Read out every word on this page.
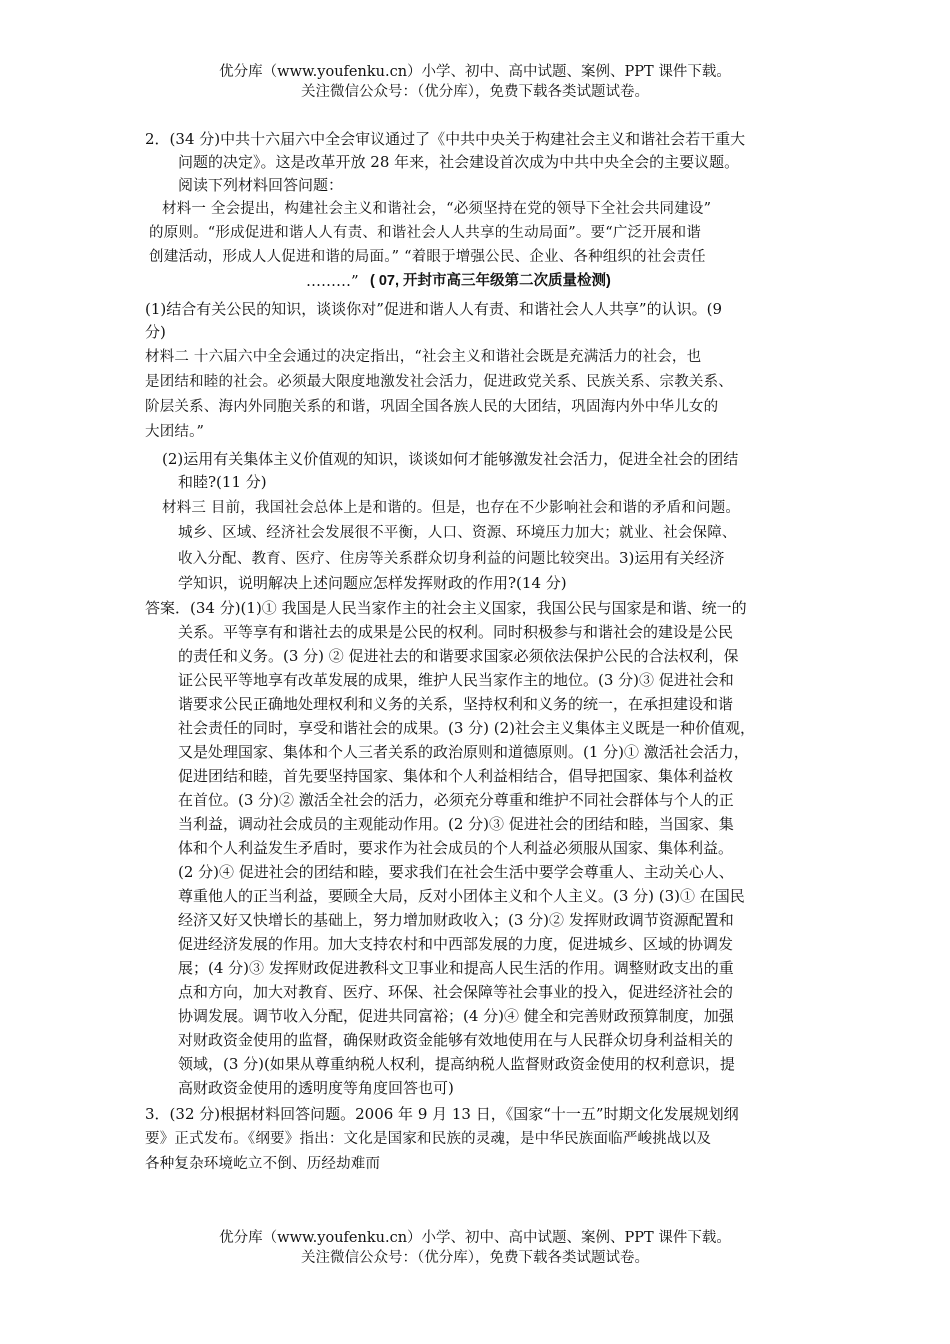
优分库（www.youfenku.cn）小学、初中、高中试题、案例、PPT 课件下载。
关注微信公众号：（优分库），免费下载各类试题试卷。
2．(34 分)中共十六届六中全会审议通过了《中共中央关于构建社会主义和谐社会若干重大
问题的决定》。这是改革开放 28 年来，社会建设首次成为中共中央全会的主要议题。
阅读下列材料回答问题：
材料一 全会提出，构建社会主义和谐社会，“必须坚持在党的领导下全社会共同建设”
的原则。“形成促进和谐人人有责、和谐社会人人共享的生动局面”。要“广泛开展和谐
创建活动，形成人人促进和谐的局面。” “着眼于增强公民、企业、各种组织的社会责任
………” ( 07, 开封市高三年级第二次质量检测)
(1)结合有关公民的知识，谈谈你对”促进和谐人人有责、和谐社会人人共享”的认识。(9
分)
材料二 十六届六中全会通过的决定指出，“社会主义和谐社会既是充满活力的社会，也
是团结和睦的社会。必须最大限度地激发社会活力，促进政党关系、民族关系、宗教关系、
阶层关系、海内外同胞关系的和谐，巩固全国各族人民的大团结，巩固海内外中华儿女的
大团结。”
(2)运用有关集体主义价值观的知识，谈谈如何才能够激发社会活力，促进全社会的团结
和睦?(11 分)
材料三 目前，我国社会总体上是和谐的。但是，也存在不少影响社会和谐的矛盾和问题。
城乡、区域、经济社会发展很不平衡，人口、资源、环境压力加大；就业、社会保障、
收入分配、教育、医疗、住房等关系群众切身利益的问题比较突出。3)运用有关经济
学知识，说明解决上述问题应怎样发挥财政的作用?(14 分)
答案．(34 分)(1)① 我国是人民当家作主的社会主义国家，我国公民与国家是和谐、统一的
关系。平等享有和谐社去的成果是公民的权利。同时积极参与和谐社会的建设是公民
的责任和义务。(3 分) ② 促进社去的和谐要求国家必须依法保护公民的合法权利，保
证公民平等地享有改革发展的成果，维护人民当家作主的地位。(3 分)③ 促进社会和
谐要求公民正确地处理权利和义务的关系，坚持权利和义务的统一，在承担建设和谐
社会责任的同时，享受和谐社会的成果。(3 分) (2)社会主义集体主义既是一种价值观，
又是处理国家、集体和个人三者关系的政治原则和道德原则。(1 分)① 激活社会活力，
促进团结和睦，首先要坚持国家、集体和个人利益相结合，倡导把国家、集体利益枚
在首位。(3 分)② 激活全社会的活力，必须充分尊重和维护不同社会群体与个人的正
当利益，调动社会成员的主观能动作用。(2 分)③ 促进社会的团结和睦，当国家、集
体和个人利益发生矛盾时，要求作为社会成员的个人利益必须服从国家、集体利益。
(2 分)④ 促进社会的团结和睦，要求我们在社会生活中要学会尊重人、主动关心人、
尊重他人的正当利益，要顾全大局，反对小团体主义和个人主义。(3 分) (3)① 在国民
经济又好又快增长的基础上，努力增加财政收入；(3 分)② 发挥财政调节资源配置和
促进经济发展的作用。加大支持农村和中西部发展的力度，促进城乡、区域的协调发
展；(4 分)③ 发挥财政促进教科文卫事业和提高人民生活的作用。调整财政支出的重
点和方向，加大对教育、医疗、环保、社会保障等社会事业的投入，促进经济社会的
协调发展。调节收入分配，促进共同富裕；(4 分)④ 健全和完善财政预算制度，加强
对财政资金使用的监督，确保财政资金能够有效地使用在与人民群众切身利益相关的
领域，(3 分)(如果从尊重纳税人权利，提高纳税人监督财政资金使用的权利意识，提
高财政资金使用的透明度等角度回答也可)
3．(32 分)根据材料回答问题。2006 年 9 月 13 日，《国家“十一五”时期文化发展规划纲
要》正式发布。《纲要》指出：文化是国家和民族的灵魂，是中华民族面临严峻挑战以及
各种复杂环境屹立不倒、历经劫难而
优分库（www.youfenku.cn）小学、初中、高中试题、案例、PPT 课件下载。
关注微信公众号：（优分库），免费下载各类试题试卷。
